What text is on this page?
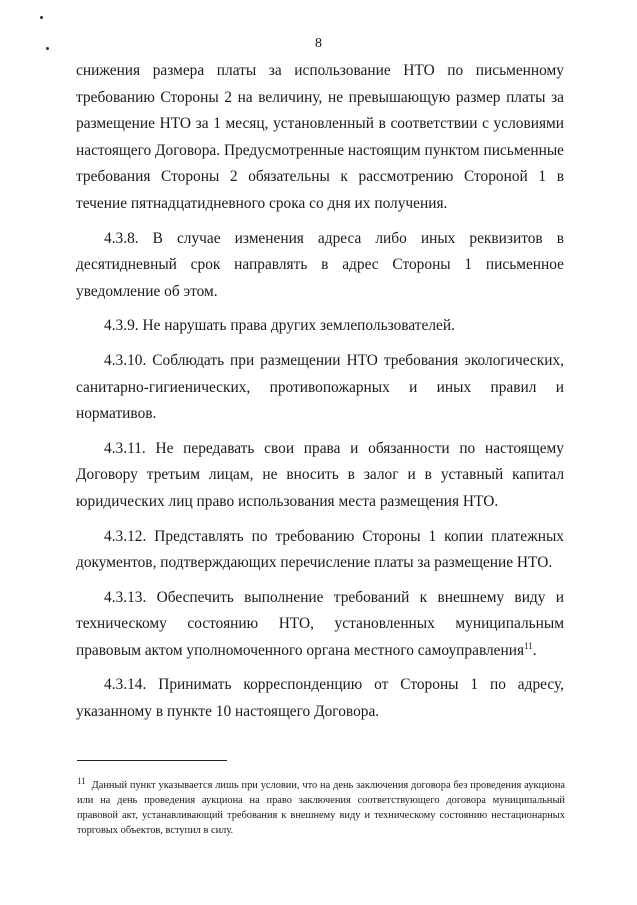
8

снижения размера платы за использование НТО по письменному требованию Стороны 2 на величину, не превышающую размер платы за размещение НТО за 1 месяц, установленный в соответствии с условиями настоящего Договора. Предусмотренные настоящим пунктом письменные требования Стороны 2 обязательны к рассмотрению Стороной 1 в течение пятнадцатидневного срока со дня их получения.

4.3.8. В случае изменения адреса либо иных реквизитов в десятидневный срок направлять в адрес Стороны 1 письменное уведомление об этом.

4.3.9. Не нарушать права других землепользователей.

4.3.10. Соблюдать при размещении НТО требования экологических, санитарно-гигиенических, противопожарных и иных правил и нормативов.

4.3.11. Не передавать свои права и обязанности по настоящему Договору третьим лицам, не вносить в залог и в уставный капитал юридических лиц право использования места размещения НТО.

4.3.12. Представлять по требованию Стороны 1 копии платежных документов, подтверждающих перечисление платы за размещение НТО.

4.3.13. Обеспечить выполнение требований к внешнему виду и техническому состоянию НТО, установленных муниципальным правовым актом уполномоченного органа местного самоуправления$^{11}$.

4.3.14. Принимать корреспонденцию от Стороны 1 по адресу, указанному в пункте 10 настоящего Договора.

11 Данный пункт указывается лишь при условии, что на день заключения договора без проведения аукциона или на день проведения аукциона на право заключения соответствующего договора муниципальный правовой акт, устанавливающий требования к внешнему виду и техническому состоянию нестационарных торговых объектов, вступил в силу.
